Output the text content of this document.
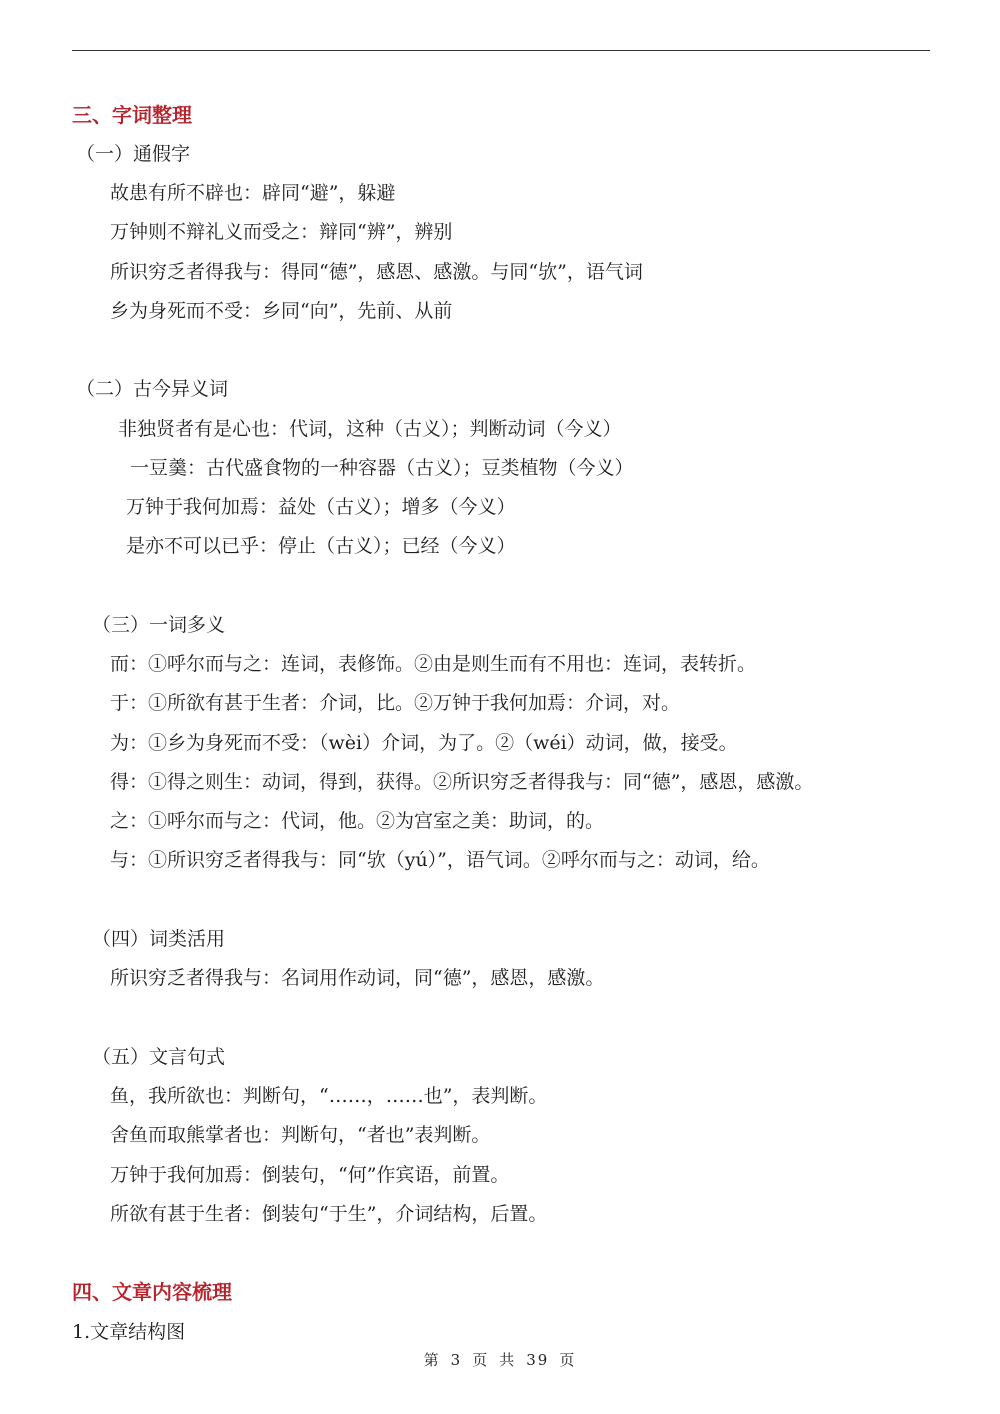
三、字词整理
（一）通假字
故患有所不辟也：辟同“避”，躲避
万钟则不辩礼义而受之：辩同“辨”，辨别
所识穷乏者得我与：得同“德”，感恩、感激。与同“欤”，语气词
乡为身死而不受：乡同“向”，先前、从前
（二）古今异义词
非独贤者有是心也：代词，这种（古义）；判断动词（今义）
一豆羹：古代盛食物的一种容器（古义）；豆类植物（今义）
万钟于我何加焉：益处（古义）；增多（今义）
是亦不可以已乎：停止（古义）；已经（今义）
（三）一词多义
而：①呼尔而与之：连词，表修饰。②由是则生而有不用也：连词，表转折。
于：①所欲有甚于生者：介词，比。②万钟于我何加焉：介词，对。
为：①乡为身死而不受：（wèi）介词，为了。②（wéi）动词，做，接受。
得：①得之则生：动词，得到，获得。②所识穷乏者得我与：同“德”，感恩，感激。
之：①呼尔而与之：代词，他。②为宫室之美：助词，的。
与：①所识穷乏者得我与：同“欤（yú）”，语气词。②呼尔而与之：动词，给。
（四）词类活用
所识穷乏者得我与：名词用作动词，同“德”，感恩，感激。
（五）文言句式
鱼，我所欲也：判断句，“……，……也”，表判断。
舍鱼而取熊掌者也：判断句，“者也”表判断。
万钟于我何加焉：倒装句，“何”作宾语，前置。
所欲有甚于生者：倒装句“于生”，介词结构，后置。
四、文章内容梳理
1.文章结构图
第 3 页 共 39 页
